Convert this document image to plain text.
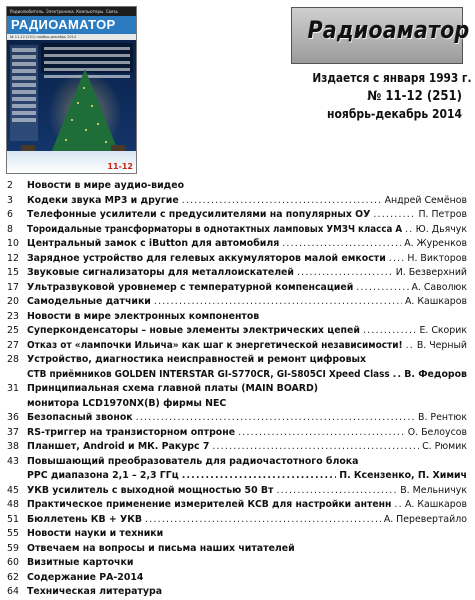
Радиолюбитель. Электроника. Компьютеры. Связь
РАДИОАМАТОР
№ 11-12 (251) ноябрь-декабрь 2014
11-12
Радиоаматор
Издается с января 1993 г.
№ 11-12 (251)
ноябрь-декабрь 2014
2	Новости в мире аудио-видео
3	Кодеки звука MP3 и другие .....	Андрей Семёнов
6	Телефонные усилители с предусилителями на популярных ОУ .....	П. Петров
8	Тороидальные трансформаторы в однотактных ламповых УМЗЧ класса А ..... Ю. Дьячук
10 Центральный замок с iButton для автомобиля .....	А. Журенков
12 Зарядное устройство для гелевых аккумуляторов малой емкости ..... Н. Викторов
15 Звуковые сигнализаторы для металлоискателей .....	И. Безверхний
17 Ультразвуковой уровнемер с температурной компенсацией .....	А. Саволюк
20 Самодельные датчики .....	А. Кашкаров
23 Новости в мире электронных компонентов
25 Суперконденсаторы – новые элементы электрических цепей .....	Е. Скорик
27 Отказ от «лампочки Ильича» как шаг к энергетической независимости! ..... В. Черный
28 Устройство, диагностика неисправностей и ремонт цифровых
СТВ приёмников GOLDEN INTERSTAR GI-S770CR, GI-S805CI Xpeed Class ..... В. Федоров
31 Принципиальная схема главной платы (MAIN BOARD)
монитора LCD1970NX(B) фирмы NEC
36 Безопасный звонок .....	В. Рентюк
37 RS-триггер на транзисторном оптроне .....	О. Белоусов
38 Планшет, Android и МК. Ракурс 7 .....	С. Рюмик
43 Повышающий преобразователь для радиочастотного блока
PPC диапазона 2,1 – 2,3 ГГц .....	П. Ксензенко, П. Химич
45 УКВ усилитель с выходной мощностью 50 Вт .....	В. Мельничук
48 Практическое применение измерителей КСВ для настройки антенн ..... А. Кашкаров
51 Бюллетень КВ + УКВ .....	А. Перевертайло
55 Новости науки и техники
59 Отвечаем на вопросы и письма наших читателей
60 Визитные карточки
62 Содержание РА-2014
64 Техническая литература
